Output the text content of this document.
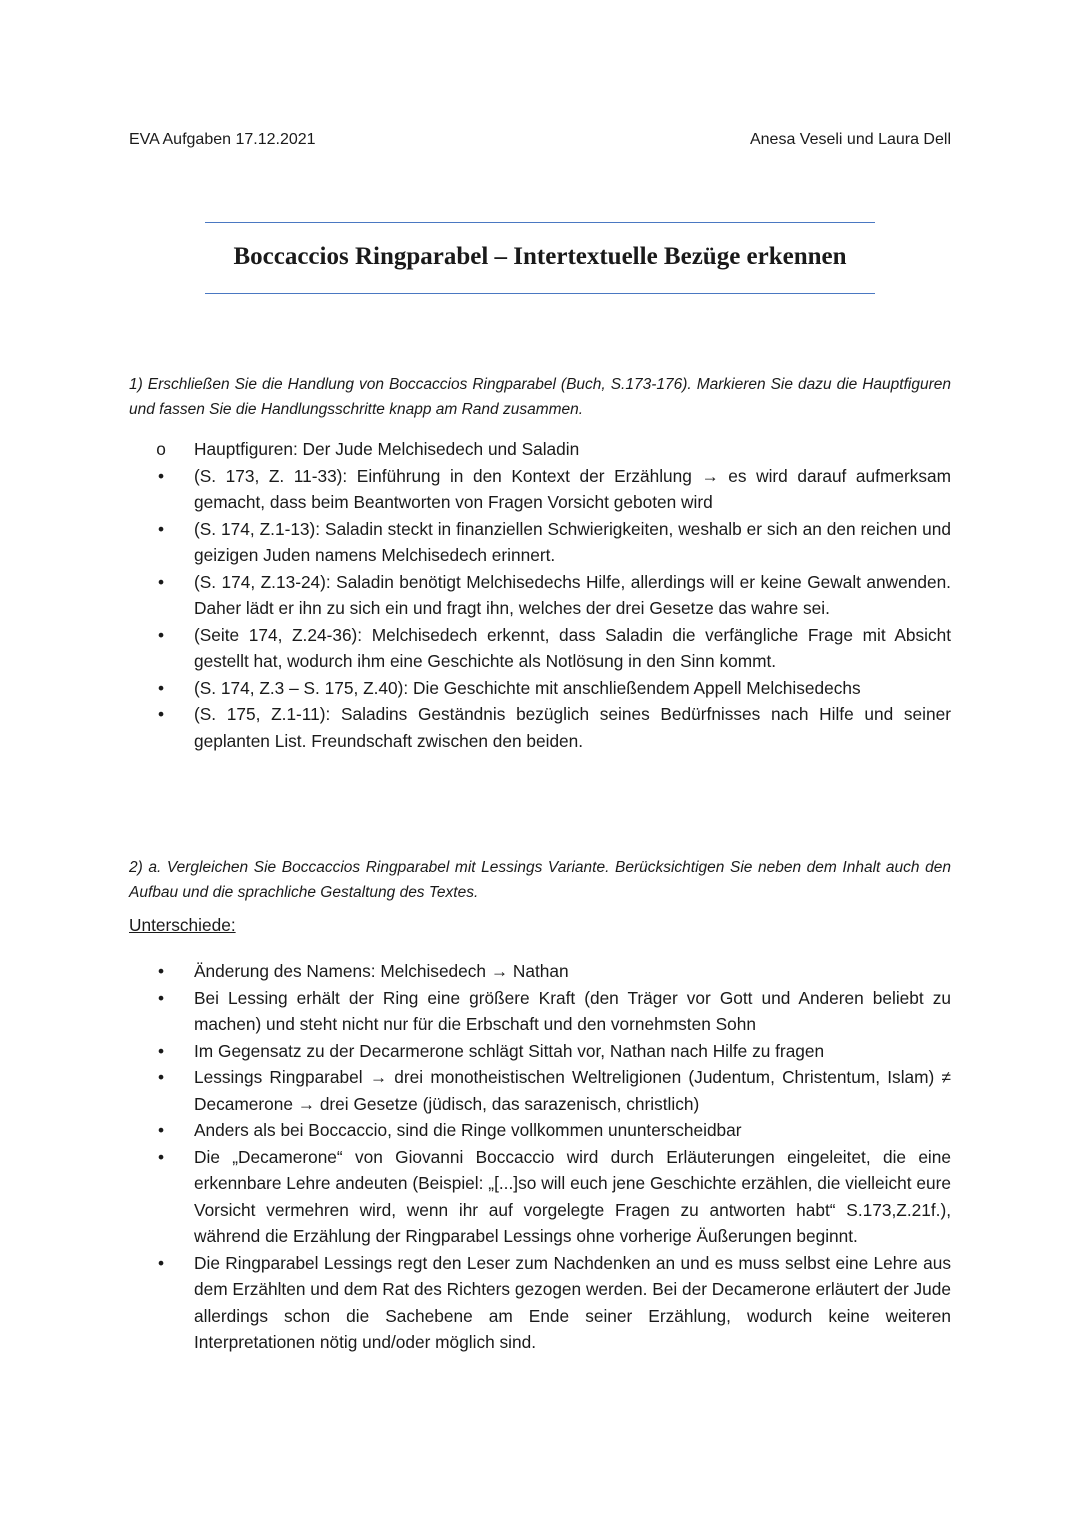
EVA Aufgaben 17.12.2021	Anesa Veseli und Laura Dell
Boccaccios Ringparabel – Intertextuelle Bezüge erkennen
1) Erschließen Sie die Handlung von Boccaccios Ringparabel (Buch, S.173-176). Markieren Sie dazu die Hauptfiguren und fassen Sie die Handlungsschritte knapp am Rand zusammen.
o Hauptfiguren: Der Jude Melchisedech und Saladin
•	(S. 173, Z. 11-33): Einführung in den Kontext der Erzählung → es wird darauf aufmerksam gemacht, dass beim Beantworten von Fragen Vorsicht geboten wird
•	(S. 174, Z.1-13): Saladin steckt in finanziellen Schwierigkeiten, weshalb er sich an den reichen und geizigen Juden namens Melchisedech erinnert.
•	(S. 174, Z.13-24): Saladin benötigt Melchisedechs Hilfe, allerdings will er keine Gewalt anwenden. Daher lädt er ihn zu sich ein und fragt ihn, welches der drei Gesetze das wahre sei.
•	(Seite 174, Z.24-36): Melchisedech erkennt, dass Saladin die verfängliche Frage mit Absicht gestellt hat, wodurch ihm eine Geschichte als Notlösung in den Sinn kommt.
•	(S. 174, Z.3 – S. 175, Z.40): Die Geschichte mit anschließendem Appell Melchisedechs
•	(S. 175, Z.1-11): Saladins Geständnis bezüglich seines Bedürfnisses nach Hilfe und seiner geplanten List. Freundschaft zwischen den beiden.
2) a. Vergleichen Sie Boccaccios Ringparabel mit Lessings Variante. Berücksichtigen Sie neben dem Inhalt auch den Aufbau und die sprachliche Gestaltung des Textes.
Unterschiede:
•	Änderung des Namens: Melchisedech → Nathan
•	Bei Lessing erhält der Ring eine größere Kraft (den Träger vor Gott und Anderen beliebt zu machen) und steht nicht nur für die Erbschaft und den vornehmsten Sohn
•	Im Gegensatz zu der Decarmerone schlägt Sittah vor, Nathan nach Hilfe zu fragen
•	Lessings Ringparabel → drei monotheistischen Weltreligionen (Judentum, Christentum, Islam) ≠ Decamerone → drei Gesetze (jüdisch, das sarazenisch, christlich)
•	Anders als bei Boccaccio, sind die Ringe vollkommen ununterscheidbar
•	Die „Decamerone“ von Giovanni Boccaccio wird durch Erläuterungen eingeleitet, die eine erkennbare Lehre andeuten (Beispiel: „[...]so will euch jene Geschichte erzählen, die vielleicht eure Vorsicht vermehren wird, wenn ihr auf vorgelegte Fragen zu antworten habt“ S.173,Z.21f.), während die Erzählung der Ringparabel Lessings ohne vorherige Äußerungen beginnt.
•	Die Ringparabel Lessings regt den Leser zum Nachdenken an und es muss selbst eine Lehre aus dem Erzählten und dem Rat des Richters gezogen werden. Bei der Decamerone erläutert der Jude allerdings schon die Sachebene am Ende seiner Erzählung, wodurch keine weiteren Interpretationen nötig und/oder möglich sind.
